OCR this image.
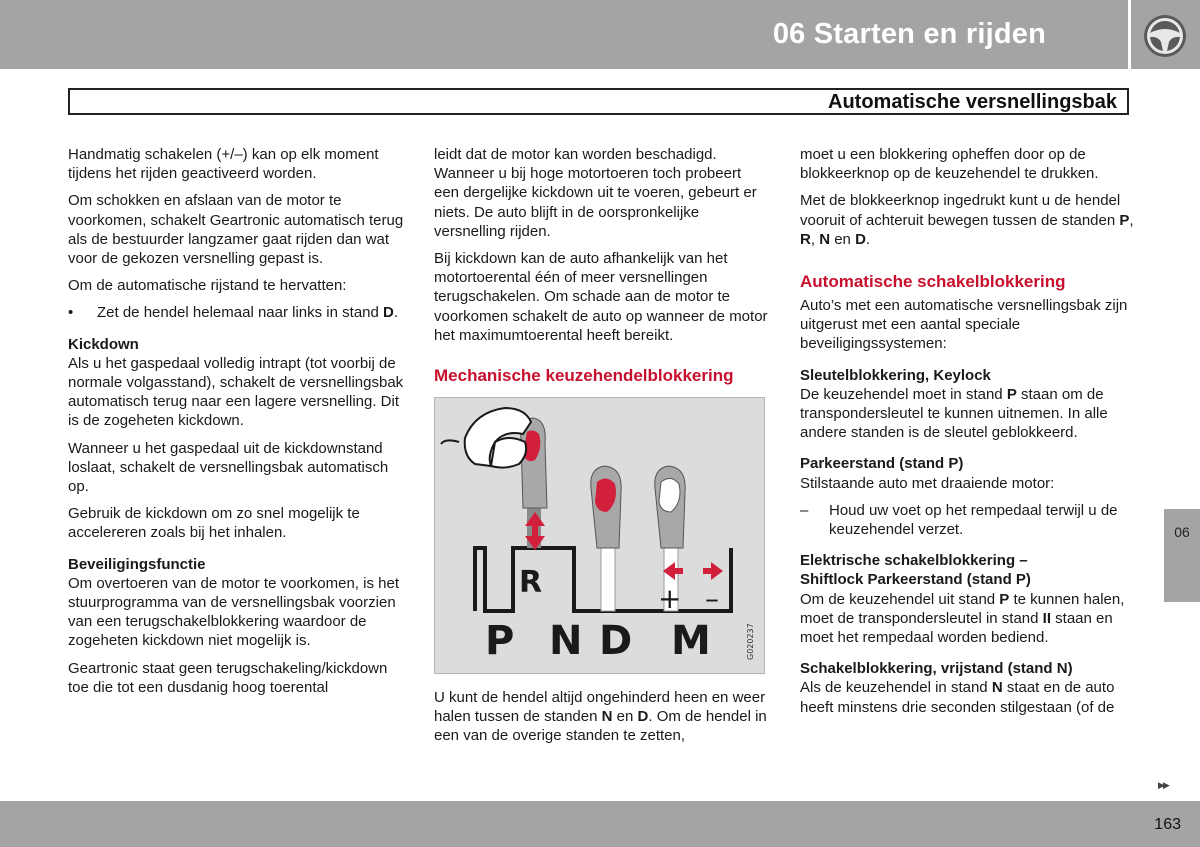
06 Starten en rijden
Automatische versnellingsbak

Handmatig schakelen (+/–) kan op elk moment tijdens het rijden geactiveerd worden.

Om schokken en afslaan van de motor te voorkomen, schakelt Geartronic automatisch terug als de bestuurder langzamer gaat rijden dan wat voor de gekozen versnelling gepast is.

Om de automatische rijstand te hervatten:

•	Zet de hendel helemaal naar links in stand D.

Kickdown

Als u het gaspedaal volledig intrapt (tot voorbij de normale volgasstand), schakelt de versnellingsbak automatisch terug naar een lagere versnelling. Dit is de zogeheten kickdown.

Wanneer u het gaspedaal uit de kickdownstand loslaat, schakelt de versnellingsbak automatisch op.

Gebruik de kickdown om zo snel mogelijk te accelereren zoals bij het inhalen.

Beveiligingsfunctie

Om overtoeren van de motor te voorkomen, is het stuurprogramma van de versnellingsbak voorzien van een terugschakelblokkering waardoor de zogeheten kickdown niet mogelijk is.

Geartronic staat geen terugschakeling/kickdown toe die tot een dusdanig hoog toerental

leidt dat de motor kan worden beschadigd. Wanneer u bij hoge motortoeren toch probeert een dergelijke kickdown uit te voeren, gebeurt er niets. De auto blijft in de oorspronkelijke versnelling rijden.

Bij kickdown kan de auto afhankelijk van het motortoerental één of meer versnellingen terugschakelen. Om schade aan de motor te voorkomen schakelt de auto op wanneer de motor het maximumtoerental heeft bereikt.

Mechanische keuzehendelblokkering

R	+ –
P N D M	G020237

U kunt de hendel altijd ongehinderd heen en weer halen tussen de standen N en D. Om de hendel in een van de overige standen te zetten,

moet u een blokkering opheffen door op de blokkeerknop op de keuzehendel te drukken.

Met de blokkeerknop ingedrukt kunt u de hendel vooruit of achteruit bewegen tussen de standen P, R, N en D.

Automatische schakelblokkering

Auto’s met een automatische versnellingsbak zijn uitgerust met een aantal speciale beveiligingssystemen:

Sleutelblokkering, Keylock

De keuzehendel moet in stand P staan om de transpondersleutel te kunnen uitnemen. In alle andere standen is de sleutel geblokkeerd.

Parkeerstand (stand P)

Stilstaande auto met draaiende motor:

–	Houd uw voet op het rempedaal terwijl u de keuzehendel verzet.

Elektrische schakelblokkering –

Shiftlock Parkeerstand (stand P)

Om de keuzehendel uit stand P te kunnen halen, moet de transpondersleutel in stand II staan en moet het rempedaal worden bediend.

Schakelblokkering, vrijstand (stand N)

Als de keuzehendel in stand N staat en de auto heeft minstens drie seconden stilgestaan (of de

06
▶▶
163
